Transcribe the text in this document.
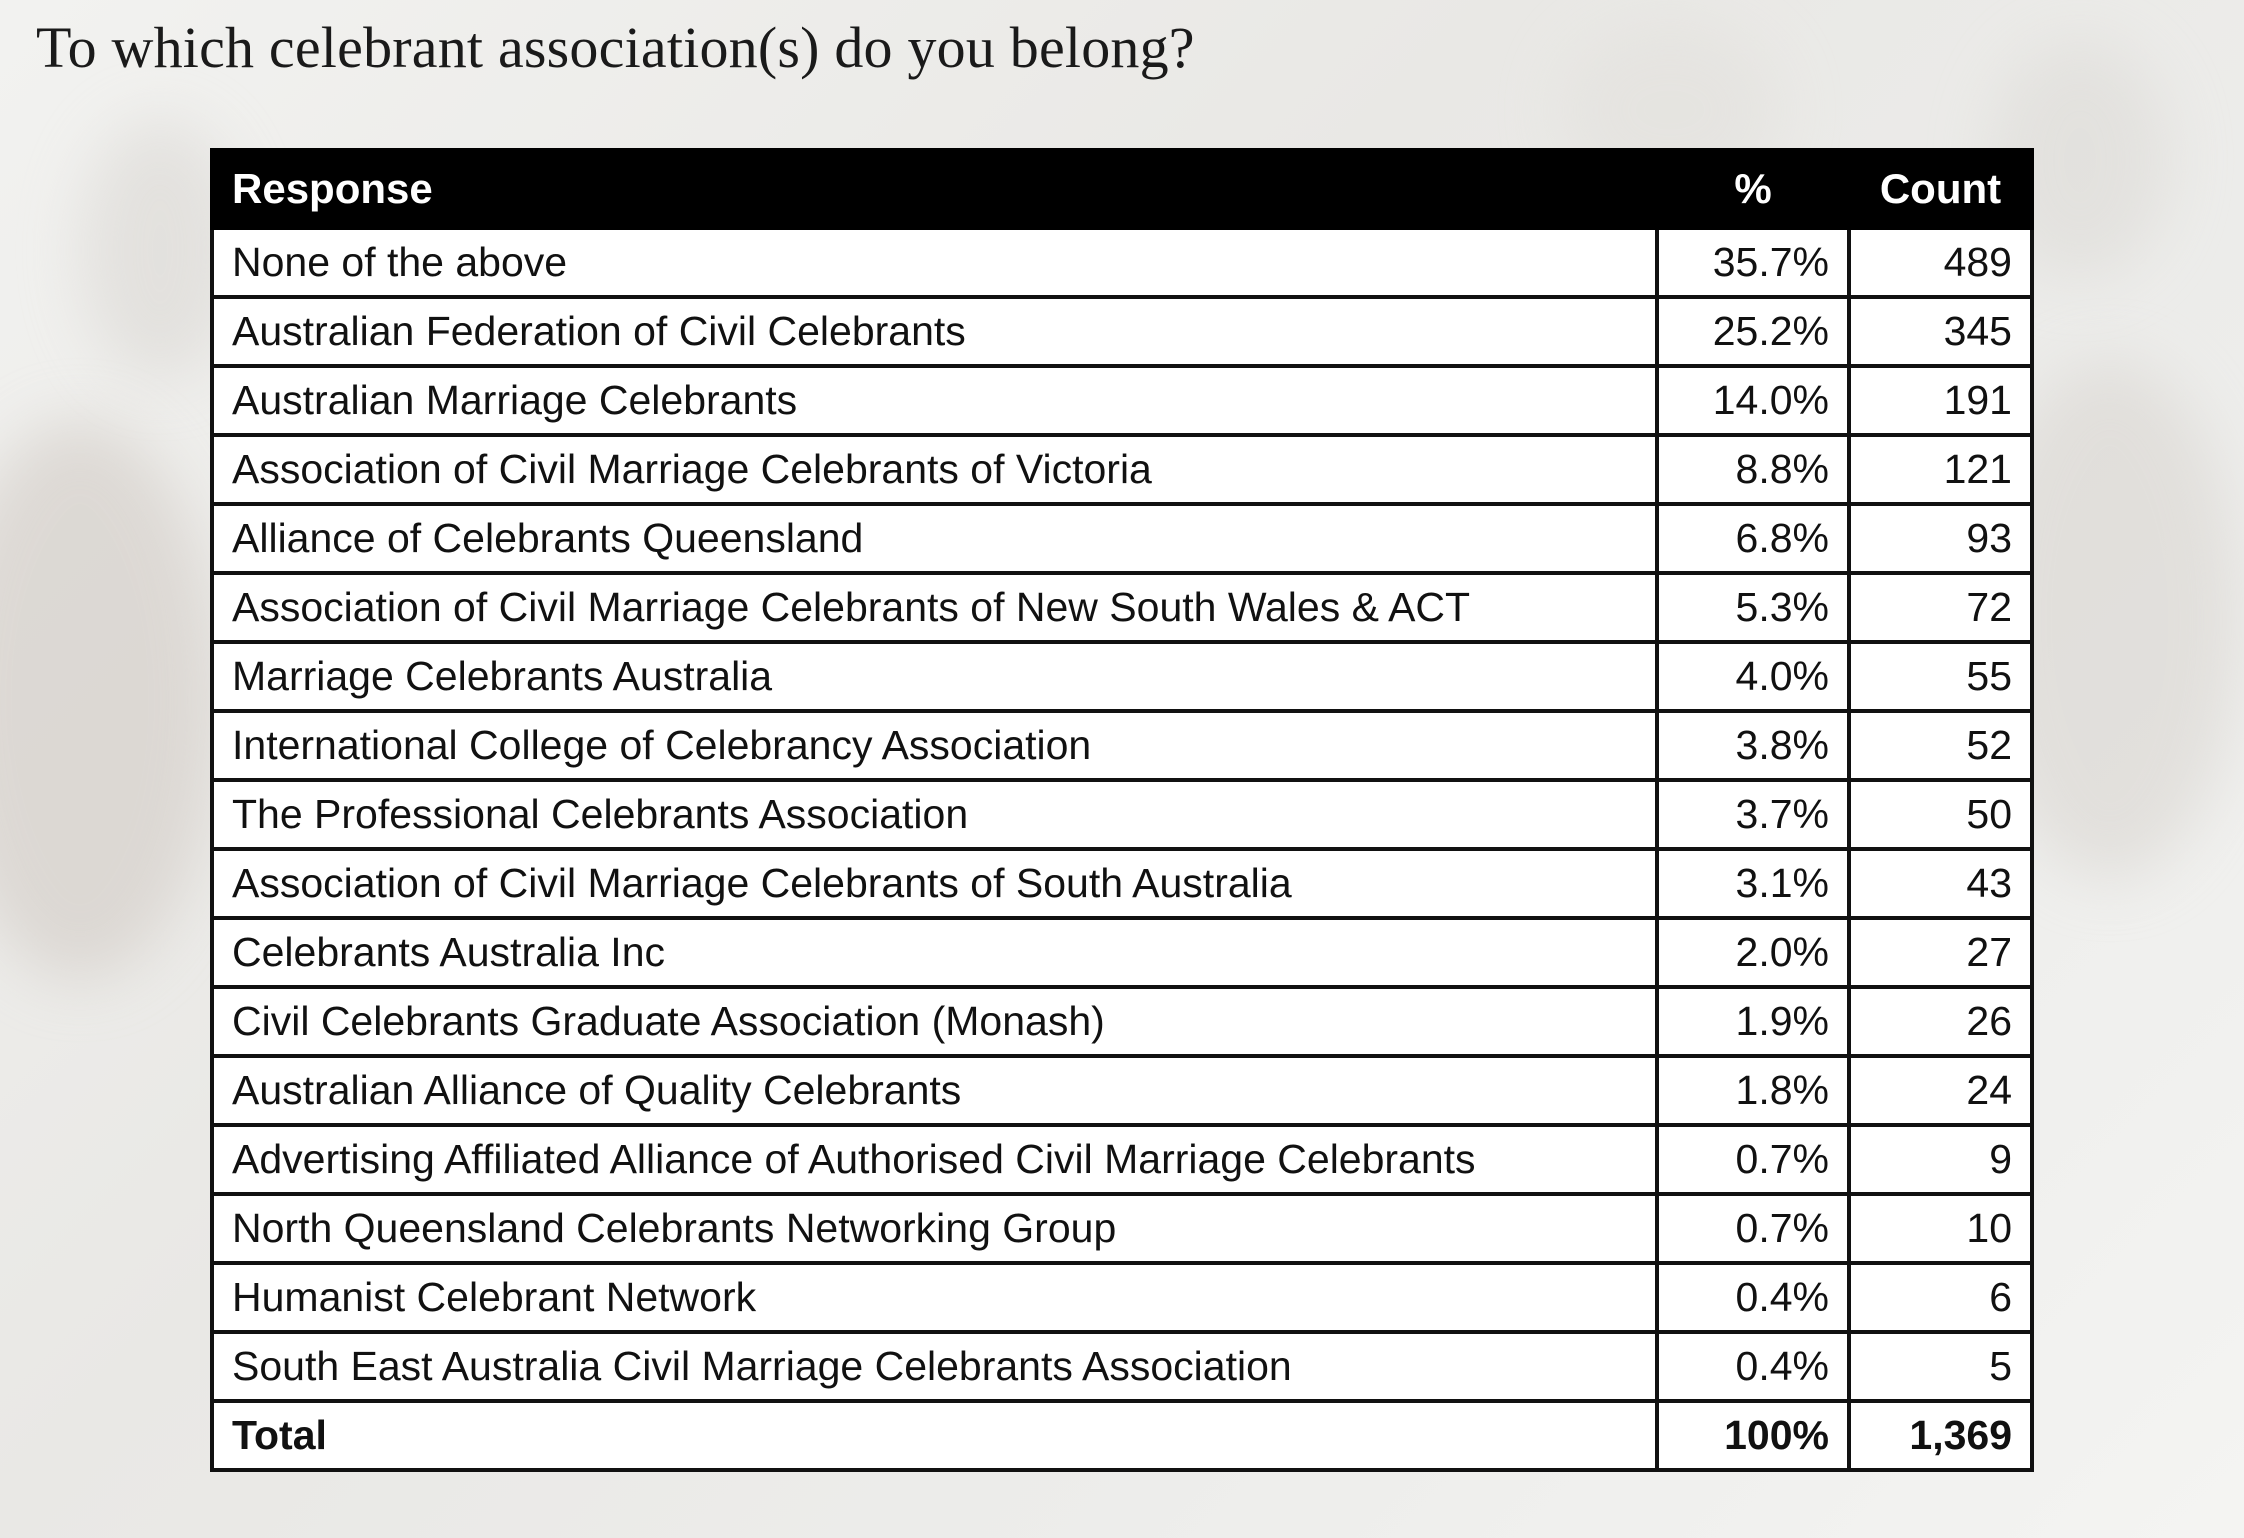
To which celebrant association(s) do you belong?
Response	%	Count
None of the above	35.7%	489
Australian Federation of Civil Celebrants	25.2%	345
Australian Marriage Celebrants	14.0%	191
Association of Civil Marriage Celebrants of Victoria	8.8%	121
Alliance of Celebrants Queensland	6.8%	93
Association of Civil Marriage Celebrants of New South Wales & ACT	5.3%	72
Marriage Celebrants Australia	4.0%	55
International College of Celebrancy Association	3.8%	52
The Professional Celebrants Association	3.7%	50
Association of Civil Marriage Celebrants of South Australia	3.1%	43
Celebrants Australia Inc	2.0%	27
Civil Celebrants Graduate Association (Monash)	1.9%	26
Australian Alliance of Quality Celebrants	1.8%	24
Advertising Affiliated Alliance of Authorised Civil Marriage Celebrants	0.7%	9
North Queensland Celebrants Networking Group	0.7%	10
Humanist Celebrant Network	0.4%	6
South East Australia Civil Marriage Celebrants Association	0.4%	5
Total	100%	1,369
